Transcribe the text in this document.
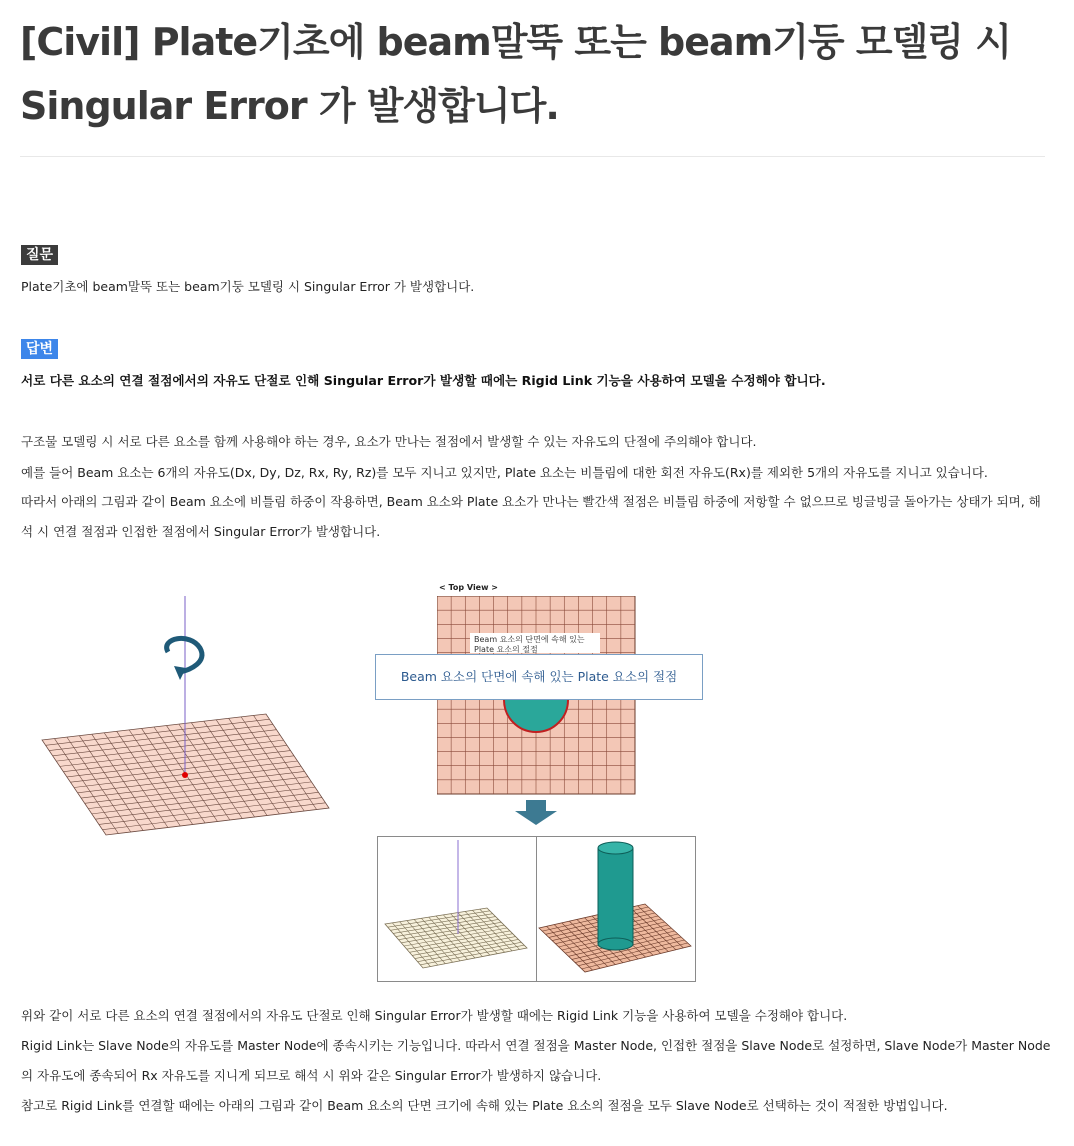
[Civil] Plate기초에 beam말뚝 또는 beam기둥 모델링 시
Singular Error 가 발생합니다.
질문
Plate기초에 beam말뚝 또는 beam기둥 모델링 시 Singular Error 가 발생합니다.
답변
서로 다른 요소의 연결 절점에서의 자유도 단절로 인해 Singular Error가 발생할 때에는 Rigid Link 기능을 사용하여 모델을 수정해야 합니다.
구조물 모델링 시 서로 다른 요소를 함께 사용해야 하는 경우, 요소가 만나는 절점에서 발생할 수 있는 자유도의 단절에 주의해야 합니다.
예를 들어 Beam 요소는 6개의 자유도(Dx, Dy, Dz, Rx, Ry, Rz)를 모두 지니고 있지만, Plate 요소는 비틀림에 대한 회전 자유도(Rx)를 제외한 5개의 자유도를 지니고 있습니다.
따라서 아래의 그림과 같이 Beam 요소에 비틀림 하중이 작용하면, Beam 요소와 Plate 요소가 만나는 빨간색 절점은 비틀림 하중에 저항할 수 없으므로 빙글빙글 돌아가는 상태가 되며, 해석 시 연결 절점과 인접한 절점에서 Singular Error가 발생합니다.
< Top View >
Beam 요소의 단면에 속해 있는 Plate 요소의 절점
Beam 요소의 단면에 속해 있는 Plate 요소의 절점
위와 같이 서로 다른 요소의 연결 절점에서의 자유도 단절로 인해 Singular Error가 발생할 때에는 Rigid Link 기능을 사용하여 모델을 수정해야 합니다.
Rigid Link는 Slave Node의 자유도를 Master Node에 종속시키는 기능입니다. 따라서 연결 절점을 Master Node, 인접한 절점을 Slave Node로 설정하면, Slave Node가 Master Node의 자유도에 종속되어 Rx 자유도를 지니게 되므로 해석 시 위와 같은 Singular Error가 발생하지 않습니다.
참고로 Rigid Link를 연결할 때에는 아래의 그림과 같이 Beam 요소의 단면 크기에 속해 있는 Plate 요소의 절점을 모두 Slave Node로 선택하는 것이 적절한 방법입니다.
